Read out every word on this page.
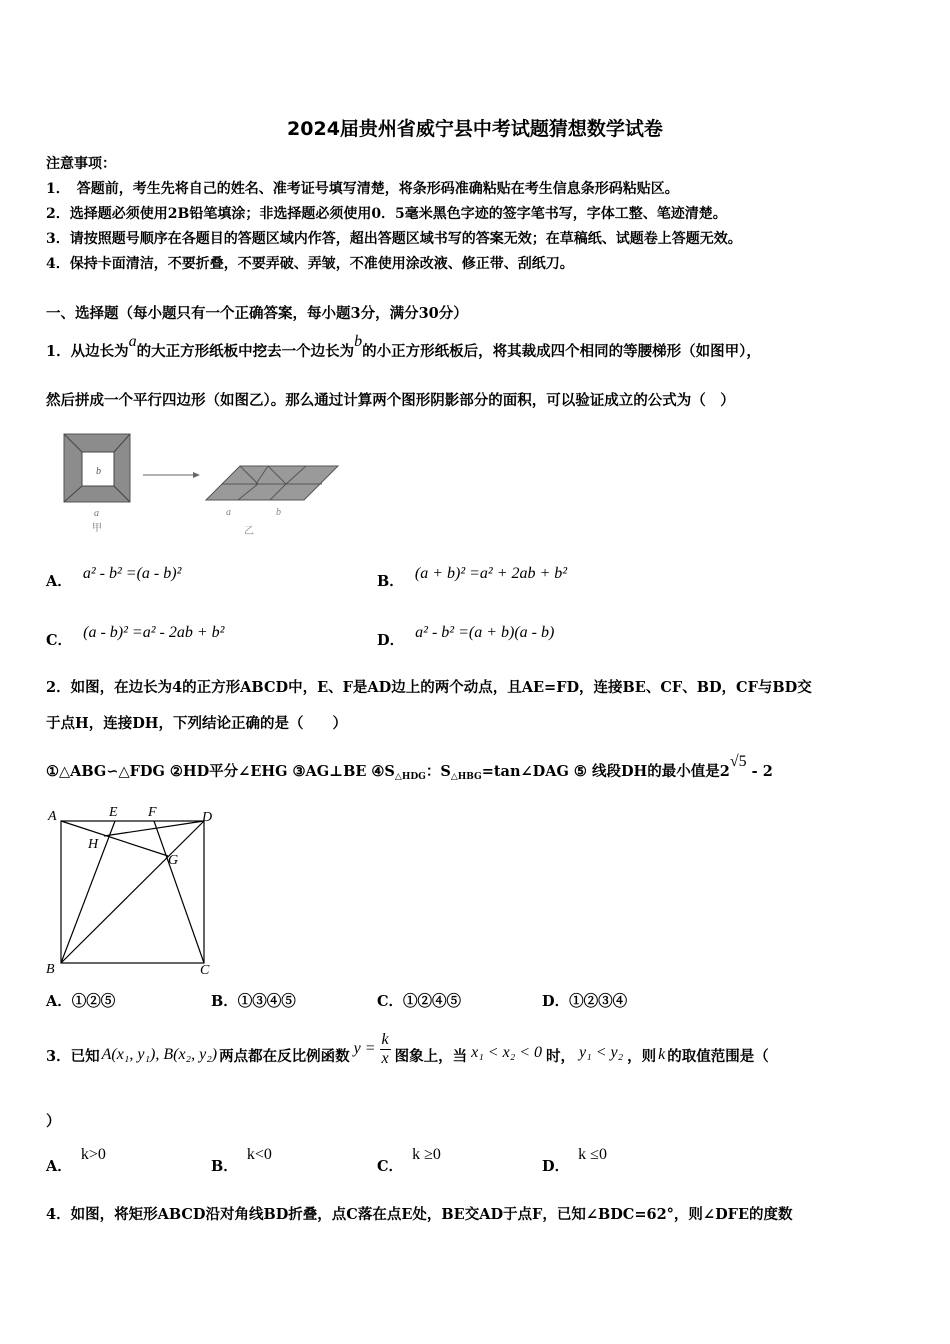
2024届贵州省威宁县中考试题猜想数学试卷
注意事项：
1．　答题前，考生先将自己的姓名、准考证号填写清楚，将条形码准确粘贴在考生信息条形码粘贴区。
2．选择题必须使用2B铅笔填涂；非选择题必须使用0．5毫米黑色字迹的签字笔书写，字体工整、笔迹清楚。
3．请按照题号顺序在各题目的答题区域内作答，超出答题区域书写的答案无效；在草稿纸、试题卷上答题无效。
4．保持卡面清洁，不要折叠，不要弄破、弄皱，不准使用涂改液、修正带、刮纸刀。
一、选择题（每小题只有一个正确答案，每小题3分，满分30分）
1．从边长为a的大正方形纸板中挖去一个边长为b的小正方形纸板后，将其裁成四个相同的等腰梯形（如图甲），
然后拼成一个平行四边形（如图乙）。那么通过计算两个图形阴影部分的面积，可以验证成立的公式为（　）
b
a
甲
a	b
乙
A． a² - b² =(a - b)²	B． (a + b)² =a² + 2ab + b²
C． (a - b)² =a² - 2ab + b²	D． a² - b² =(a + b)(a - b)
2．如图，在边长为4的正方形ABCD中，E、F是AD边上的两个动点，且AE=FD，连接BE、CF、BD，CF与BD交
于点H，连接DH，下列结论正确的是（　　）
①△ABG∽△FDG ②HD平分∠EHG ③AG⊥BE $④S_{\triangle HDG}$：$S_{\triangle HBG}=\tan\angle DAG$ ⑤ 线段DH的最小值是2√5 - 2
A	E F	D
H
G
B	C
A．①②⑤	B．①③④⑤	C．①②④⑤	D．①②③④
3．已知 A(x₁, y₁), B(x₂, y₂) 两点都在反比例函数 $y = \frac{k}{x}$ 图象上，当 x₁ < x₂ < 0 时， y₁ < y₂ ，则 k 的取值范围是（
）
A． k>0
B． k<0
C． k ≥0
D． k ≤0
4．如图，将矩形ABCD沿对角线BD折叠，点C落在点E处，BE交AD于点F，已知∠BDC=62°，则∠DFE的度数
